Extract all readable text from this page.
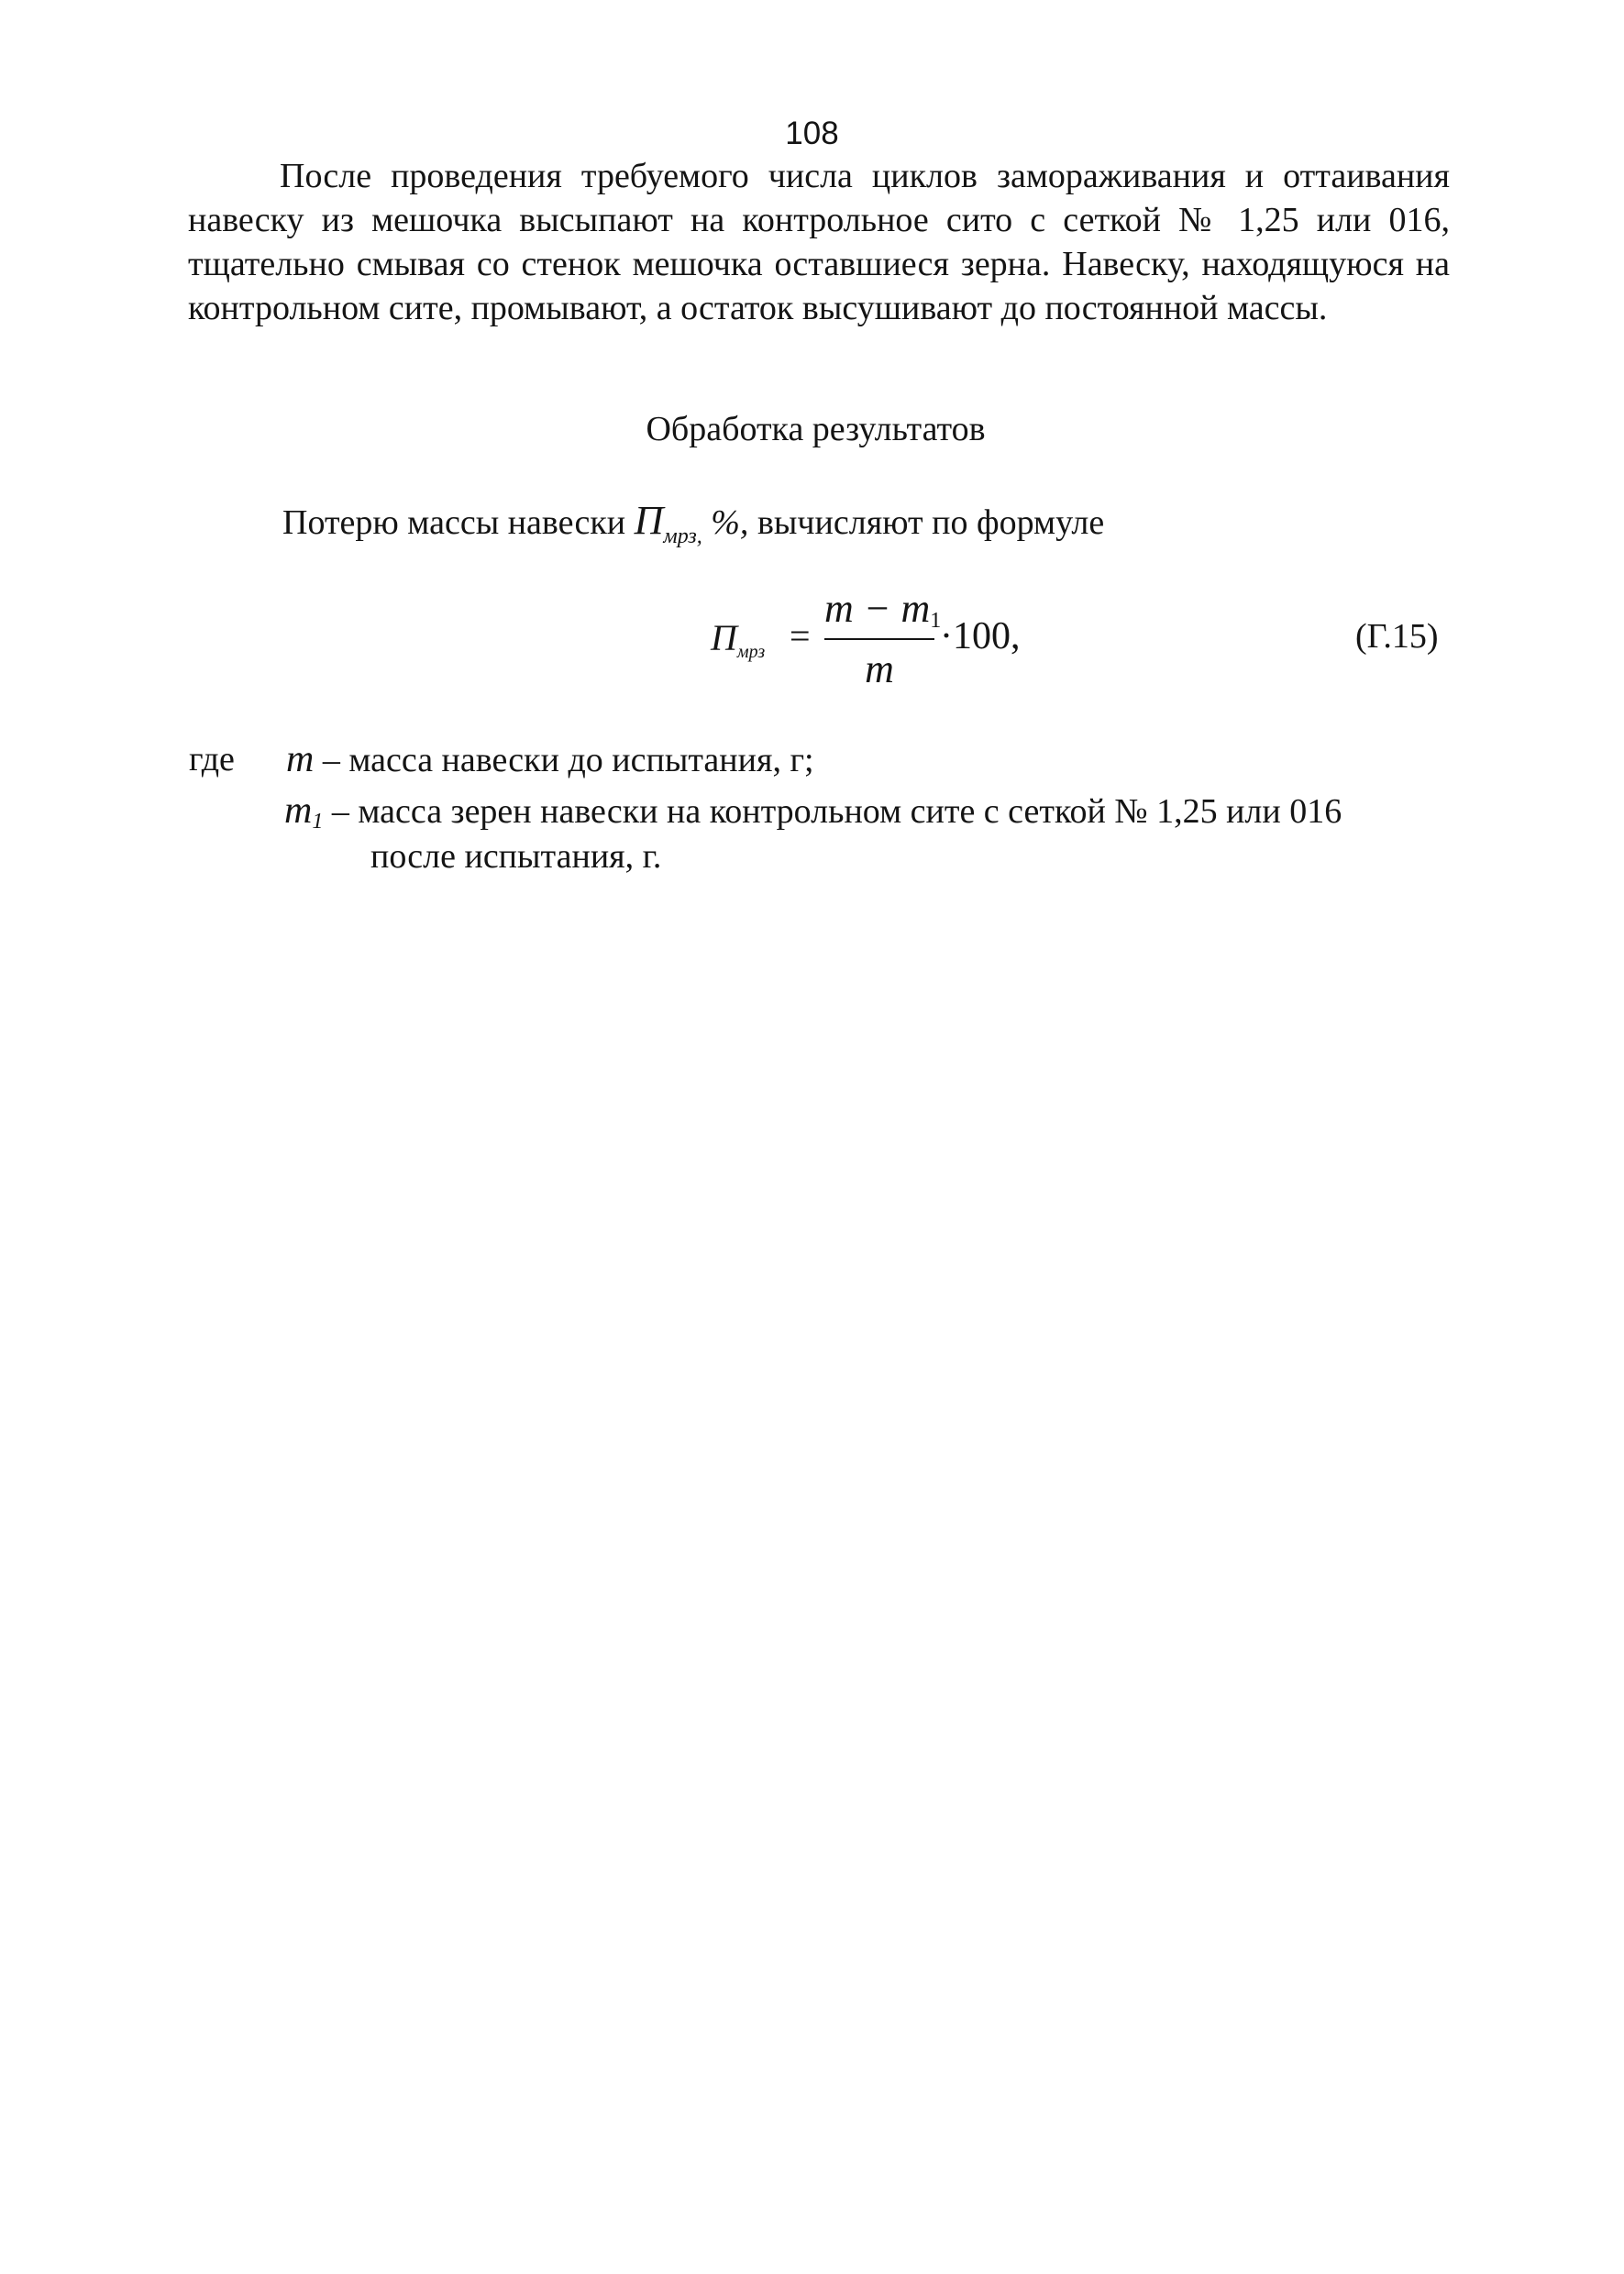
108

После проведения требуемого числа циклов замораживания и оттаивания навеску из мешочка высыпают на контрольное сито с сеткой № 1,25 или 016, тщательно смывая со стенок мешочка оставшиеся зерна. Навеску, находящуюся на контрольном сите, промывают, а остаток высушивают до постоянной массы.

Обработка результатов
Потерю массы навески $П_{мрз,}$ %, вычисляют по формуле
$П_{мрз}$ =
$m - m_1$
m
·100,	(Г.15)
где m – масса навески до испытания, г;
$m_1$ – масса зерен навески на контрольном сите с сеткой № 1,25 или 016
после испытания, г.
